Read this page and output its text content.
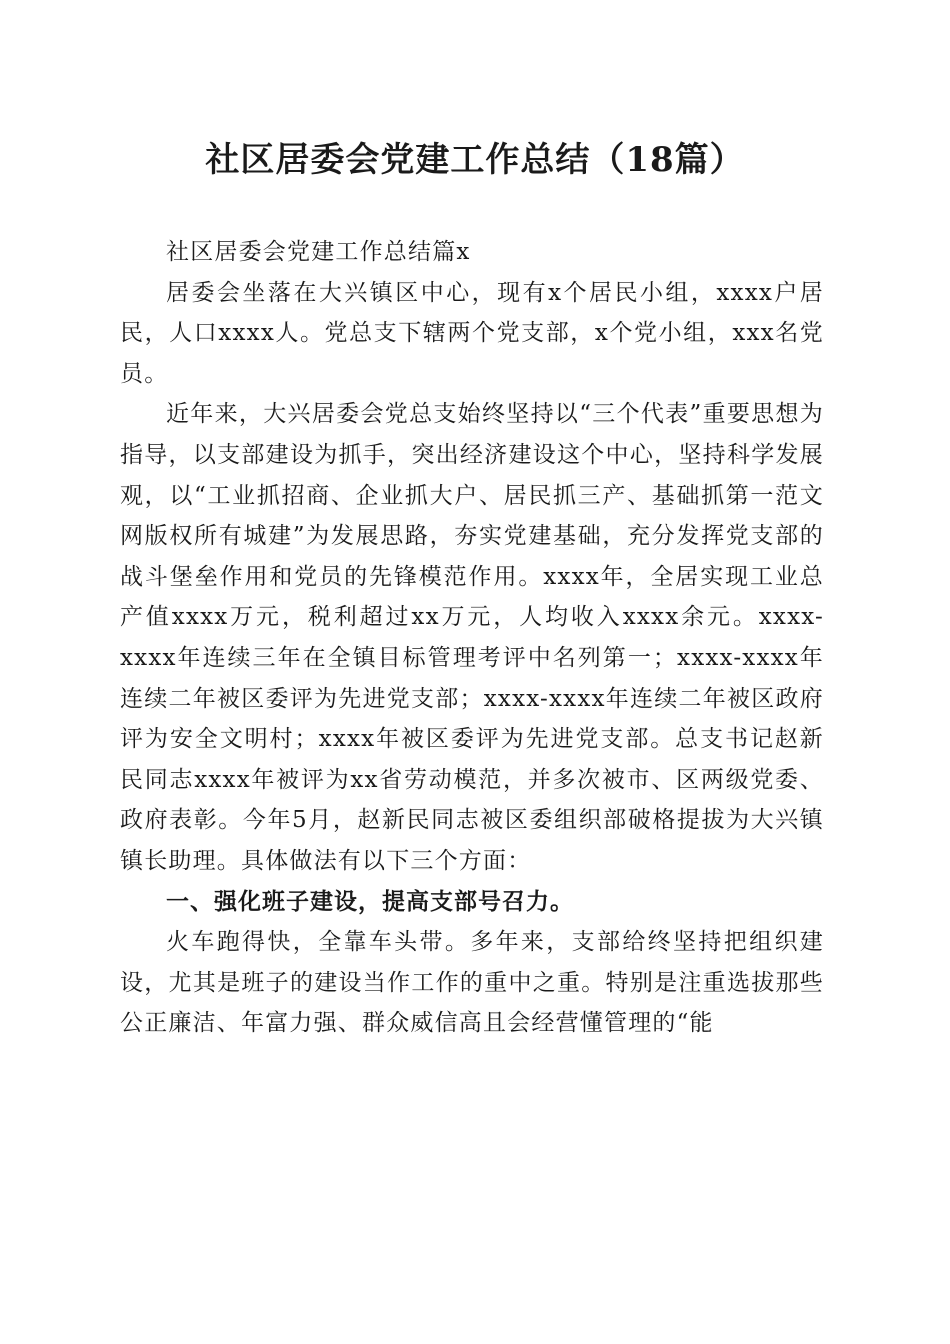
社区居委会党建工作总结（18篇）

社区居委会党建工作总结篇x

居委会坐落在大兴镇区中心，现有x个居民小组，xxxx户居民，人口xxxx人。党总支下辖两个党支部，x个党小组，xxx名党员。

近年来，大兴居委会党总支始终坚持以“三个代表”重要思想为指导，以支部建设为抓手，突出经济建设这个中心，坚持科学发展观，以“工业抓招商、企业抓大户、居民抓三产、基础抓第一范文网版权所有城建”为发展思路，夯实党建基础，充分发挥党支部的战斗堡垒作用和党员的先锋模范作用。xxxx年，全居实现工业总产值xxxx万元，税利超过xx万元，人均收入xxxx余元。xxxx-xxxx年连续三年在全镇目标管理考评中名列第一；xxxx-xxxx年连续二年被区委评为先进党支部；xxxx-xxxx年连续二年被区政府评为安全文明村；xxxx年被区委评为先进党支部。总支书记赵新民同志xxxx年被评为xx省劳动模范，并多次被市、区两级党委、政府表彰。今年5月，赵新民同志被区委组织部破格提拔为大兴镇镇长助理。具体做法有以下三个方面：

一、强化班子建设，提高支部号召力。

火车跑得快，全靠车头带。多年来，支部给终坚持把组织建设，尤其是班子的建设当作工作的重中之重。特别是注重选拔那些公正廉洁、年富力强、群众威信高且会经营懂管理的“能
